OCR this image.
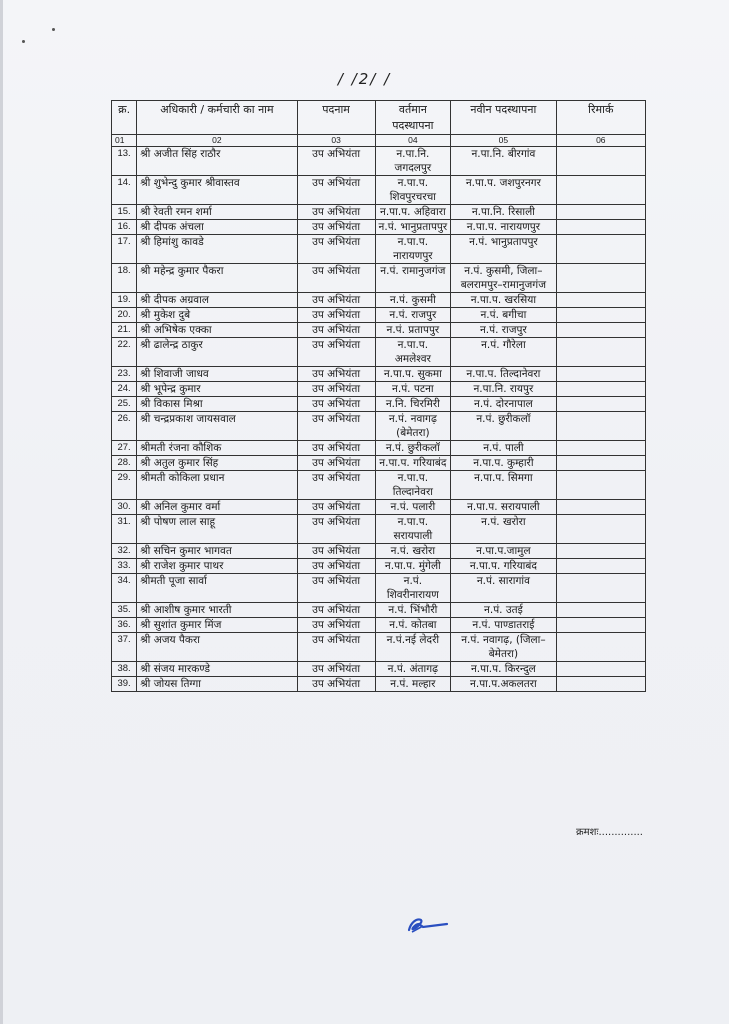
/ /2/ /
क्र.	अधिकारी / कर्मचारी का नाम	पदनाम	वर्तमान पदस्थापना	नवीन पदस्थापना	रिमार्क
01	02	03	04	05	06
13.	श्री अजीत सिंह राठौर	उप अभियंता	न.पा.नि. जगदलपुर	न.पा.नि. बीरगांव	
14.	श्री शुभेन्दु कुमार श्रीवास्तव	उप अभियंता	न.पा.प. शिवपुरचरचा	न.पा.प. जशपुरनगर	
15.	श्री रेवती रमन शर्मा	उप अभियंता	न.पा.प. अहिवारा	न.पा.नि. रिसाली	
16.	श्री दीपक अंचला	उप अभियंता	न.पं. भानुप्रतापपुर	न.पा.प. नारायणपुर	
17.	श्री हिमांशु कावडे	उप अभियंता	न.पा.प. नारायणपुर	न.पं. भानुप्रतापपुर	
18.	श्री महेन्द्र कुमार पैकरा	उप अभियंता	न.पं. रामानुजगंज	न.पं. कुसमी, जिला–बलरामपुर–रामानुजगंज	
19.	श्री दीपक अग्रवाल	उप अभियंता	न.पं. कुसमी	न.पा.प. खरसिया	
20.	श्री मुकेश दुबे	उप अभियंता	न.पं. राजपुर	न.पं. बगीचा	
21.	श्री अभिषेक एक्का	उप अभियंता	न.पं. प्रतापपुर	न.पं. राजपुर	
22.	श्री ढालेन्द्र ठाकुर	उप अभियंता	न.पा.प. अमलेश्वर	न.पं. गौरेला	
23.	श्री शिवाजी जाधव	उप अभियंता	न.पा.प. सुकमा	न.पा.प. तिल्दानेवरा	
24.	श्री भूपेन्द्र कुमार	उप अभियंता	न.पं. पटना	न.पा.नि. रायपुर	
25.	श्री विकास मिश्रा	उप अभियंता	न.नि. चिरमिरी	न.पं. दोरनापाल	
26.	श्री चन्द्रप्रकाश जायसवाल	उप अभियंता	न.पं. नवागढ़ (बेमेतरा)	न.पं. छुरीकलॉ	
27.	श्रीमती रंजना कौशिक	उप अभियंता	न.पं. छुरीकलॉ	न.पं. पाली	
28.	श्री अतुल कुमार सिंह	उप अभियंता	न.पा.प. गरियाबंद	न.पा.प. कुम्हारी	
29.	श्रीमती कोकिला प्रधान	उप अभियंता	न.पा.प. तिल्दानेवरा	न.पा.प. सिमगा	
30.	श्री अनिल कुमार वर्मा	उप अभियंता	न.पं. पलारी	न.पा.प. सरायपाली	
31.	श्री पोषण लाल साहू	उप अभियंता	न.पा.प. सरायपाली	न.पं. खरोरा	
32.	श्री सचिन कुमार भागवत	उप अभियंता	न.पं. खरोरा	न.पा.प.जामुल	
33.	श्री राजेश कुमार पाथर	उप अभियंता	न.पा.प. मुंगेली	न.पा.प. गरियाबंद	
34.	श्रीमती पूजा सार्वा	उप अभियंता	न.पं. शिवरीनारायण	न.पं. सारागांव	
35.	श्री आशीष कुमार भारती	उप अभियंता	न.पं. भिंभौरी	न.पं. उतई	
36.	श्री सुशांत कुमार मिंज	उप अभियंता	न.पं. कोतबा	न.पं. पाण्डातराई	
37.	श्री अजय पैकरा	उप अभियंता	न.पं.नई लेदरी	न.पं. नवागढ़, (जिला–बेमेतरा)	
38.	श्री संजय मारकण्डे	उप अभियंता	न.पं. अंतागढ़	न.पा.प. किरन्दुल	
39.	श्री जोयस तिग्गा	उप अभियंता	न.पं. मल्हार	न.पा.प.अकलतरा	
क्रमशः..............
